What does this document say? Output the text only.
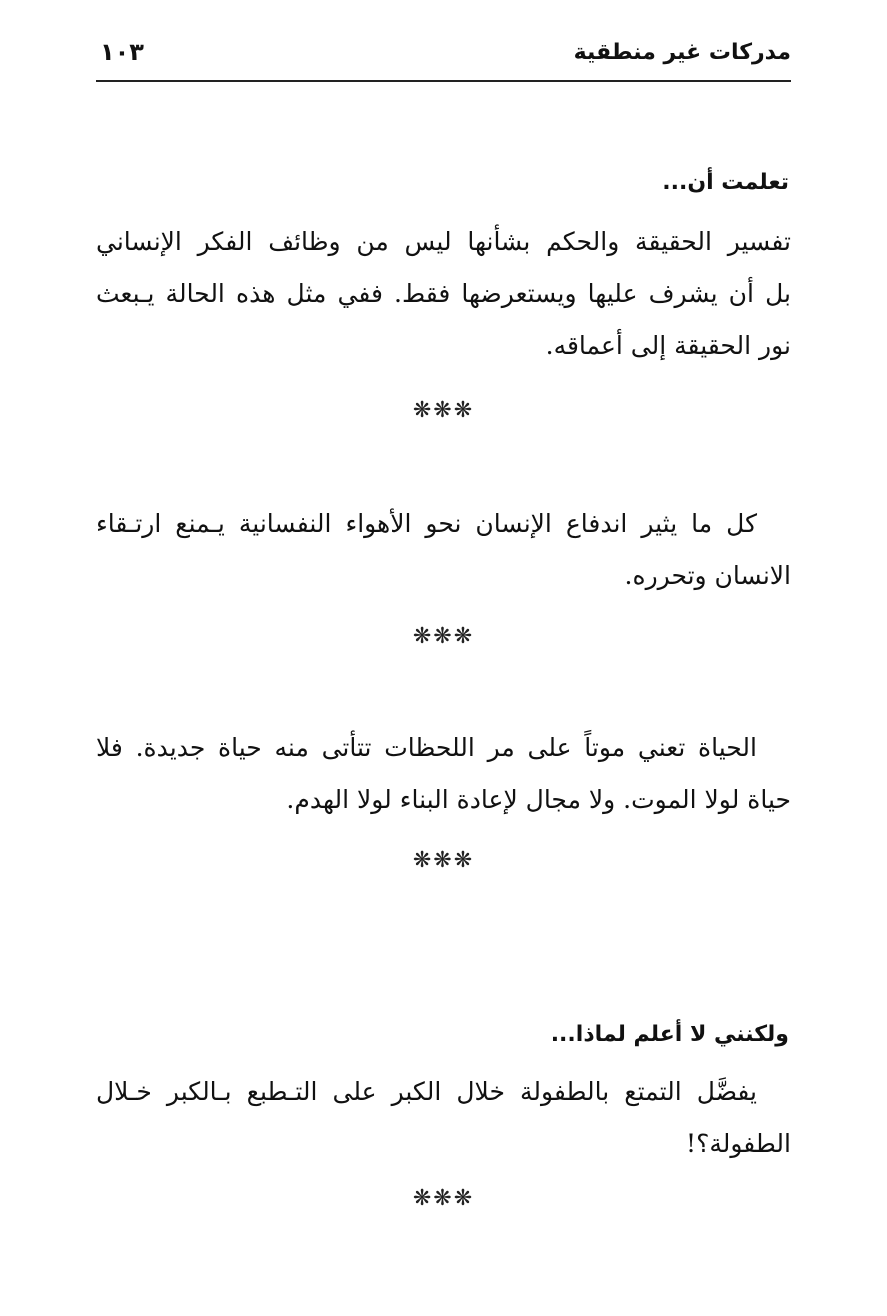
مدركات غير منطقية
١٠٣
تعلمت أن...
تفسير الحقيقة والحكم بشأنها ليس من وظائف الفكر الإنساني
بل أن يشرف عليها ويستعرضها فقط. ففي مثل هذه الحالة يـبعث
نور الحقيقة إلى أعماقه.
❋❋❋
كل ما يثير اندفاع الإنسان نحو الأهواء النفسانية يـمنع ارتـقاء
الانسان وتحرره.
❋❋❋
الحياة تعني موتاً على مر اللحظات تتأتى منه حياة جديدة. فلا
حياة لولا الموت. ولا مجال لإعادة البناء لولا الهدم.
❋❋❋
ولكنني لا أعلم لماذا...
يفضَّل التمتع بالطفولة خلال الكبر على التـطبع بـالكبر خـلال
الطفولة؟!
❋❋❋
